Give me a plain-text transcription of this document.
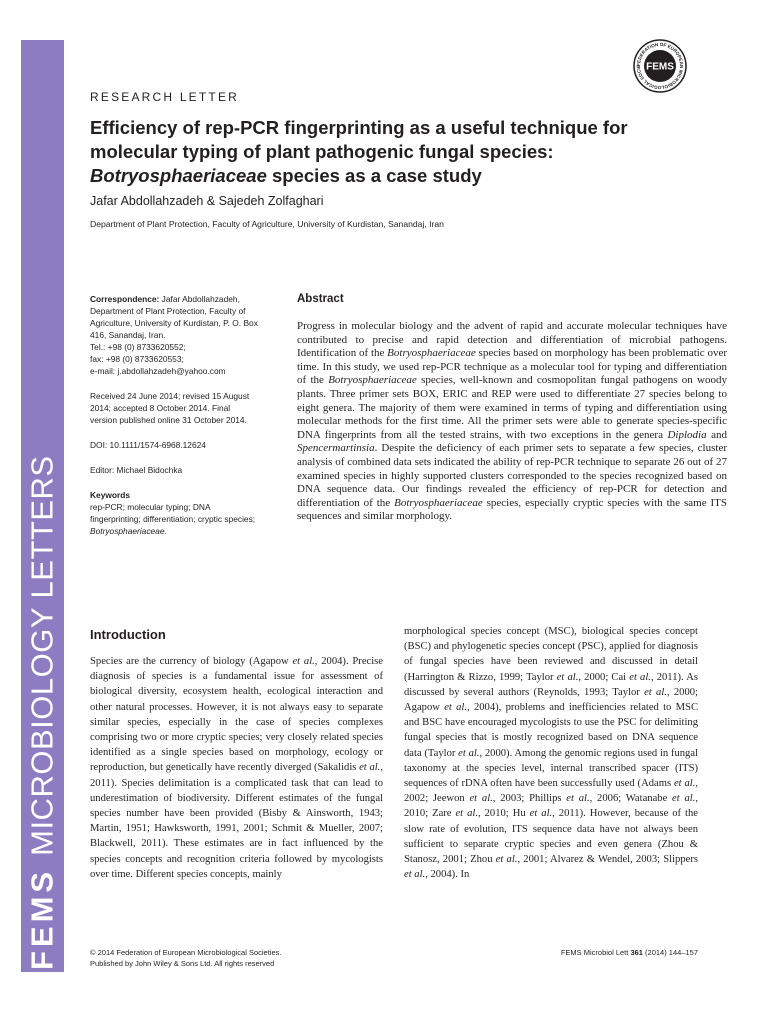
FEMSMICROBIOLOGY LETTERS
FEDERATION OF EUROPEAN MICROBIOLOGICAL SOCIE FEMS
RESEARCH LETTER
Efficiency of rep-PCR fingerprinting as a useful technique for
molecular typing of plant pathogenic fungal species:
Botryosphaeriaceae species as a case study
Jafar Abdollahzadeh & Sajedeh Zolfaghari
Department of Plant Protection, Faculty of Agriculture, University of Kurdistan, Sanandaj, Iran

Correspondence: Jafar Abdollahzadeh,
Department of Plant Protection, Faculty of
Agriculture, University of Kurdistan, P. O. Box
416, Sanandaj, Iran.
Tel.: +98 (0) 8733620552;
fax: +98 (0) 8733620553;
e-mail: j.abdollahzadeh@yahoo.com

Received 24 June 2014; revised 15 August
2014; accepted 8 October 2014. Final
version published online 31 October 2014.

DOI: 10.1111/1574-6968.12624

Editor: Michael Bidochka

Keywords
rep-PCR; molecular typing; DNA
fingerprinting; differentiation; cryptic species;
Botryosphaeriaceae.

Abstract

Progress in molecular biology and the advent of rapid and accurate molecular techniques have contributed to precise and rapid detection and differentiation of microbial pathogens. Identification of the Botryosphaeriaceae species based on morphology has been problematic over time. In this study, we used rep-PCR technique as a molecular tool for typing and differentiation of the Botryosphaeriaceae species, well-known and cosmopolitan fungal pathogens on woody plants. Three primer sets BOX, ERIC and REP were used to differentiate 27 species belong to eight genera. The majority of them were examined in terms of typing and differentiation using molecular methods for the first time. All the primer sets were able to generate species-specific DNA fingerprints from all the tested strains, with two exceptions in the genera Diplodia and Spencermartinsia. Despite the deficiency of each primer sets to separate a few species, cluster analysis of combined data sets indicated the ability of rep-PCR technique to separate 26 out of 27 examined species in highly supported clusters corresponded to the species recognized based on DNA sequence data. Our findings revealed the efficiency of rep-PCR for detection and differentiation of the Botryosphaeriaceae species, especially cryptic species with the same ITS sequences and similar morphology.

Introduction

Species are the currency of biology (Agapow et al., 2004). Precise diagnosis of species is a fundamental issue for assessment of biological diversity, ecosystem health, ecological interaction and other natural processes. However, it is not always easy to separate similar species, especially in the case of species complexes comprising two or more cryptic species; very closely related species identified as a single species based on morphology, ecology or reproduction, but genetically have recently diverged (Sakalidis et al., 2011). Species delimitation is a complicated task that can lead to underestimation of biodiversity. Different estimates of the fungal species number have been provided (Bisby & Ainsworth, 1943; Martin, 1951; Hawksworth, 1991, 2001; Schmit & Mueller, 2007; Blackwell, 2011). These estimates are in fact influenced by the species concepts and recognition criteria followed by mycologists over time. Different species concepts, mainly

morphological species concept (MSC), biological species concept (BSC) and phylogenetic species concept (PSC), applied for diagnosis of fungal species have been reviewed and discussed in detail (Harrington & Rizzo, 1999; Taylor et al., 2000; Cai et al., 2011). As discussed by several authors (Reynolds, 1993; Taylor et al., 2000; Agapow et al., 2004), problems and inefficiencies related to MSC and BSC have encouraged mycologists to use the PSC for delimiting fungal species that is mostly recognized based on DNA sequence data (Taylor et al., 2000). Among the genomic regions used in fungal taxonomy at the species level, internal transcribed spacer (ITS) sequences of rDNA often have been successfully used (Adams et al., 2002; Jeewon et al., 2003; Phillips et al., 2006; Watanabe et al., 2010; Zare et al., 2010; Hu et al., 2011). However, because of the slow rate of evolution, ITS sequence data have not always been sufficient to separate cryptic species and even genera (Zhou & Stanosz, 2001; Zhou et al., 2001; Alvarez & Wendel, 2003; Slippers et al., 2004). In

© 2014 Federation of European Microbiological Societies.
Published by John Wiley & Sons Ltd. All rights reserved
FEMS Microbiol Lett 361 (2014) 144–157
